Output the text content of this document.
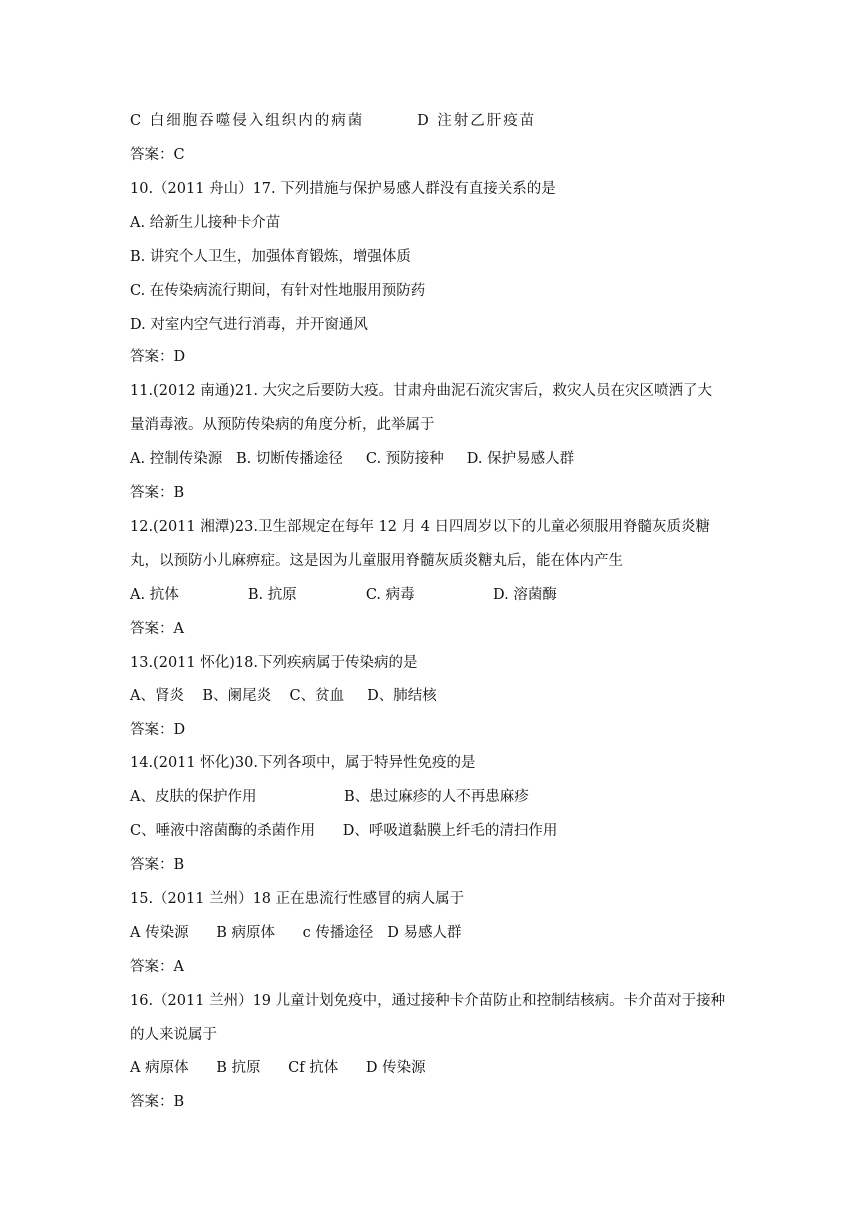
C 白细胞吞噬侵入组织内的病菌        D 注射乙肝疫苗
答案：C
10.（2011 舟山）17. 下列措施与保护易感人群没有直接关系的是
A. 给新生儿接种卡介苗
B. 讲究个人卫生，加强体育锻炼，增强体质
C. 在传染病流行期间，有针对性地服用预防药
D. 对室内空气进行消毒，并开窗通风
答案：D
11.(2012 南通)21. 大灾之后要防大疫。甘肃舟曲泥石流灾害后，救灾人员在灾区喷洒了大
量消毒液。从预防传染病的角度分析，此举属于
A. 控制传染源   B. 切断传播途径     C. 预防接种     D. 保护易感人群
答案：B
12.(2011 湘潭)23.卫生部规定在每年 12 月 4 日四周岁以下的儿童必须服用脊髓灰质炎糖
丸，以预防小儿麻痹症。这是因为儿童服用脊髓灰质炎糖丸后，能在体内产生
A. 抗体               B. 抗原               C. 病毒                 D. 溶菌酶
答案：A
13.(2011 怀化)18.下列疾病属于传染病的是
A、肾炎    B、阑尾炎    C、贫血     D、肺结核
答案：D
14.(2011 怀化)30.下列各项中，属于特异性免疫的是
A、皮肤的保护作用                   B、患过麻疹的人不再患麻疹
C、唾液中溶菌酶的杀菌作用      D、呼吸道黏膜上纤毛的清扫作用
答案：B
15.（2011 兰州）18 正在患流行性感冒的病人属于
A 传染源      B 病原体      c 传播途径   D 易感人群
答案：A
16.（2011 兰州）19 儿童计划免疫中，通过接种卡介苗防止和控制结核病。卡介苗对于接种
的人来说属于
A 病原体      B 抗原      Cf 抗体      D 传染源
答案：B
